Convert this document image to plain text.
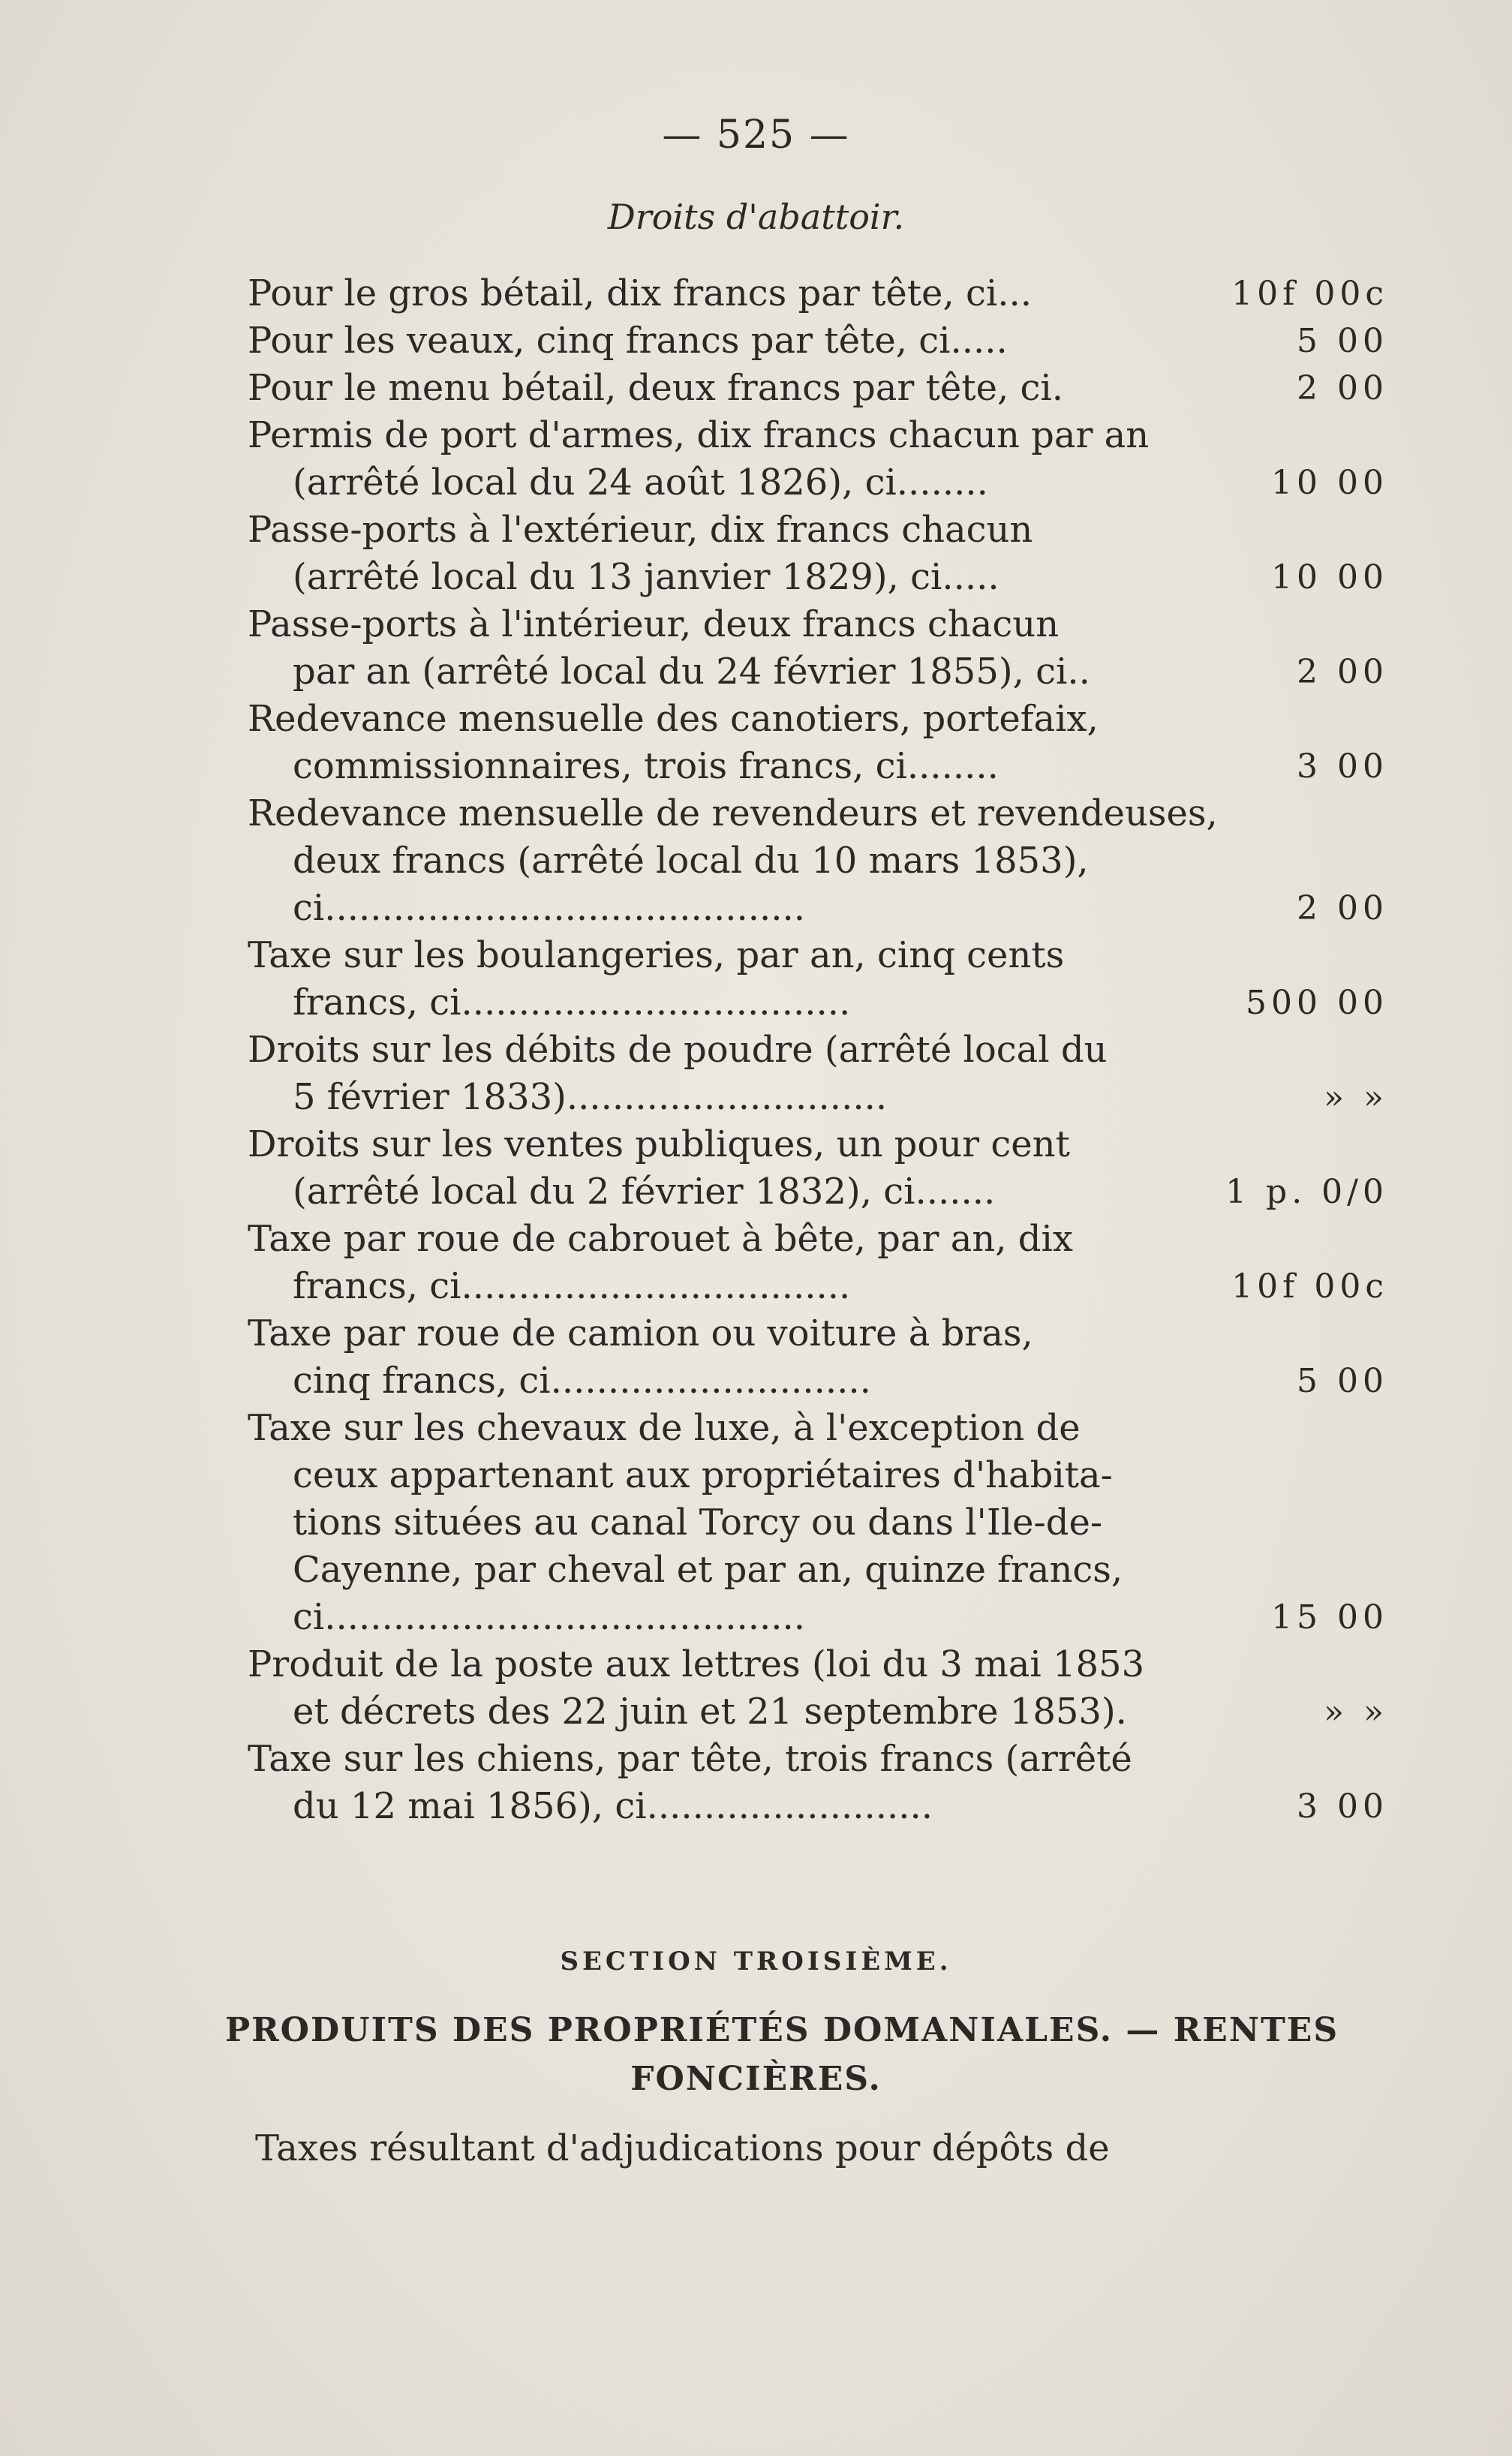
— 525 —
Droits d'abattoir.
Pour le gros bétail, dix francs par tête, ci...	10f 00c
Pour les veaux, cinq francs par tête, ci.....	5 00
Pour le menu bétail, deux francs par tête, ci.	2 00
Permis de port d'armes, dix francs chacun par an
(arrêté local du 24 août 1826), ci........	10 00
Passe-ports à l'extérieur, dix francs chacun
(arrêté local du 13 janvier 1829), ci.....	10 00
Passe-ports à l'intérieur, deux francs chacun
par an (arrêté local du 24 février 1855), ci..	2 00
Redevance mensuelle des canotiers, portefaix,
commissionnaires, trois francs, ci........	3 00
Redevance mensuelle de revendeurs et revendeuses,
deux francs (arrêté local du 10 mars 1853),
ci..........................................	2 00
Taxe sur les boulangeries, par an, cinq cents
francs, ci..................................	500 00
Droits sur les débits de poudre (arrêté local du
5 février 1833)............................	» »
Droits sur les ventes publiques, un pour cent
(arrêté local du 2 février 1832), ci.......	1 p. 0/0
Taxe par roue de cabrouet à bête, par an, dix
francs, ci..................................	10f 00c
Taxe par roue de camion ou voiture à bras,
cinq francs, ci............................	5 00
Taxe sur les chevaux de luxe, à l'exception de
ceux appartenant aux propriétaires d'habita-
tions situées au canal Torcy ou dans l'Ile-de-
Cayenne, par cheval et par an, quinze francs,
ci..........................................	15 00
Produit de la poste aux lettres (loi du 3 mai 1853
et décrets des 22 juin et 21 septembre 1853).	» »
Taxe sur les chiens, par tête, trois francs (arrêté
du 12 mai 1856), ci.........................	3 00
SECTION TROISIÈME.
PRODUITS DES PROPRIÉTÉS DOMANIALES. — RENTES
FONCIÈRES.
Taxes résultant d'adjudications pour dépôts de
